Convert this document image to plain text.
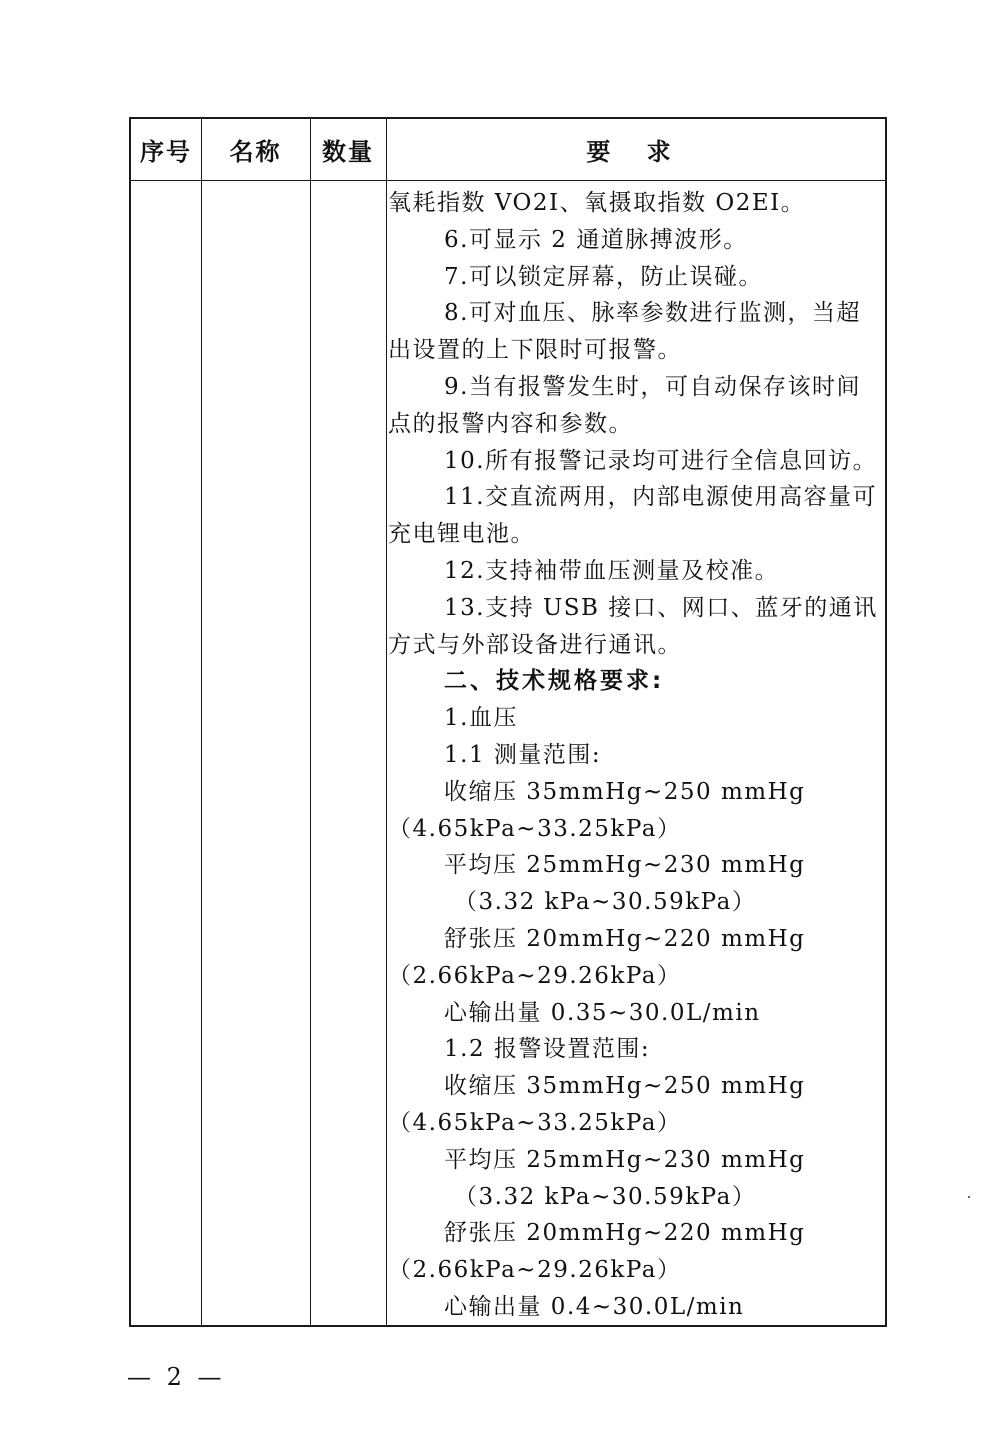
序号	名称	数量	要 求
氧耗指数 VO2I、氧摄取指数 O2EI。
6.可显示 2 通道脉搏波形。
7.可以锁定屏幕，防止误碰。
8.可对血压、脉率参数进行监测，当超
出设置的上下限时可报警。
9.当有报警发生时，可自动保存该时间
点的报警内容和参数。
10.所有报警记录均可进行全信息回访。
11.交直流两用，内部电源使用高容量可
充电锂电池。
12.支持袖带血压测量及校准。
13.支持 USB 接口、网口、蓝牙的通讯
方式与外部设备进行通讯。
二、技术规格要求:
1.血压
1.1 测量范围:
收缩压 35mmHg~250 mmHg
（4.65kPa~33.25kPa）
平均压 25mmHg~230 mmHg
（3.32 kPa~30.59kPa）
舒张压 20mmHg~220 mmHg
（2.66kPa~29.26kPa）
心输出量 0.35~30.0L/min
1.2 报警设置范围:
收缩压 35mmHg~250 mmHg
（4.65kPa~33.25kPa）
平均压 25mmHg~230 mmHg
（3.32 kPa~30.59kPa）
舒张压 20mmHg~220 mmHg
（2.66kPa~29.26kPa）
心输出量 0.4~30.0L/min
— 2 —
